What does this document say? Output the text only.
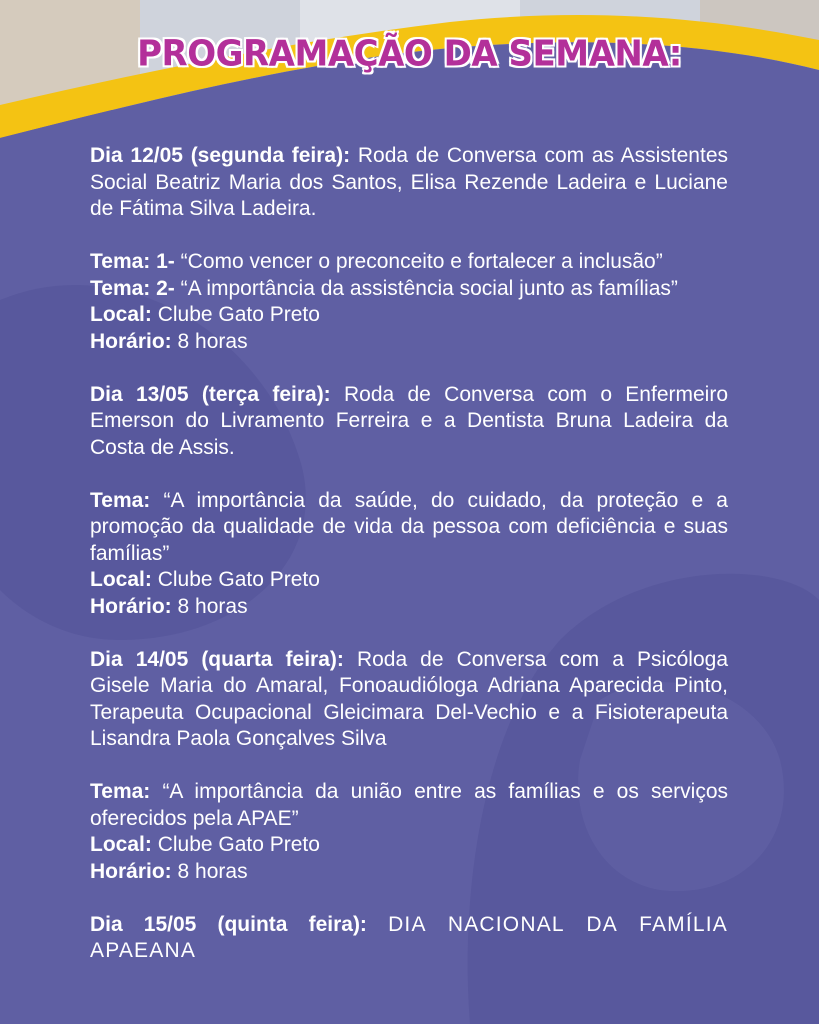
PROGRAMAÇÃO DA SEMANA:

Dia 12/05 (segunda feira): Roda de Conversa com as Assistentes Social Beatriz Maria dos Santos, Elisa Rezende Ladeira e Luciane de Fátima Silva Ladeira.

Tema: 1- “Como vencer o preconceito e fortalecer a inclusão”

Tema: 2- “A importância da assistência social junto as famílias”

Local: Clube Gato Preto

Horário: 8 horas

Dia 13/05 (terça feira): Roda de Conversa com o Enfermeiro Emerson do Livramento Ferreira e a Dentista Bruna Ladeira da Costa de Assis.

Tema: “A importância da saúde, do cuidado, da proteção e a promoção da qualidade de vida da pessoa com deficiência e suas famílias”

Local: Clube Gato Preto

Horário: 8 horas

Dia 14/05 (quarta feira): Roda de Conversa com a Psicóloga Gisele Maria do Amaral, Fonoaudióloga Adriana Aparecida Pinto, Terapeuta Ocupacional Gleicimara Del-Vechio e a Fisioterapeuta Lisandra Paola Gonçalves Silva

Tema: “A importância da união entre as famílias e os serviços oferecidos pela APAE”

Local: Clube Gato Preto

Horário: 8 horas

Dia 15/05 (quinta feira): DIA NACIONAL DA FAMÍLIA APAEANA
